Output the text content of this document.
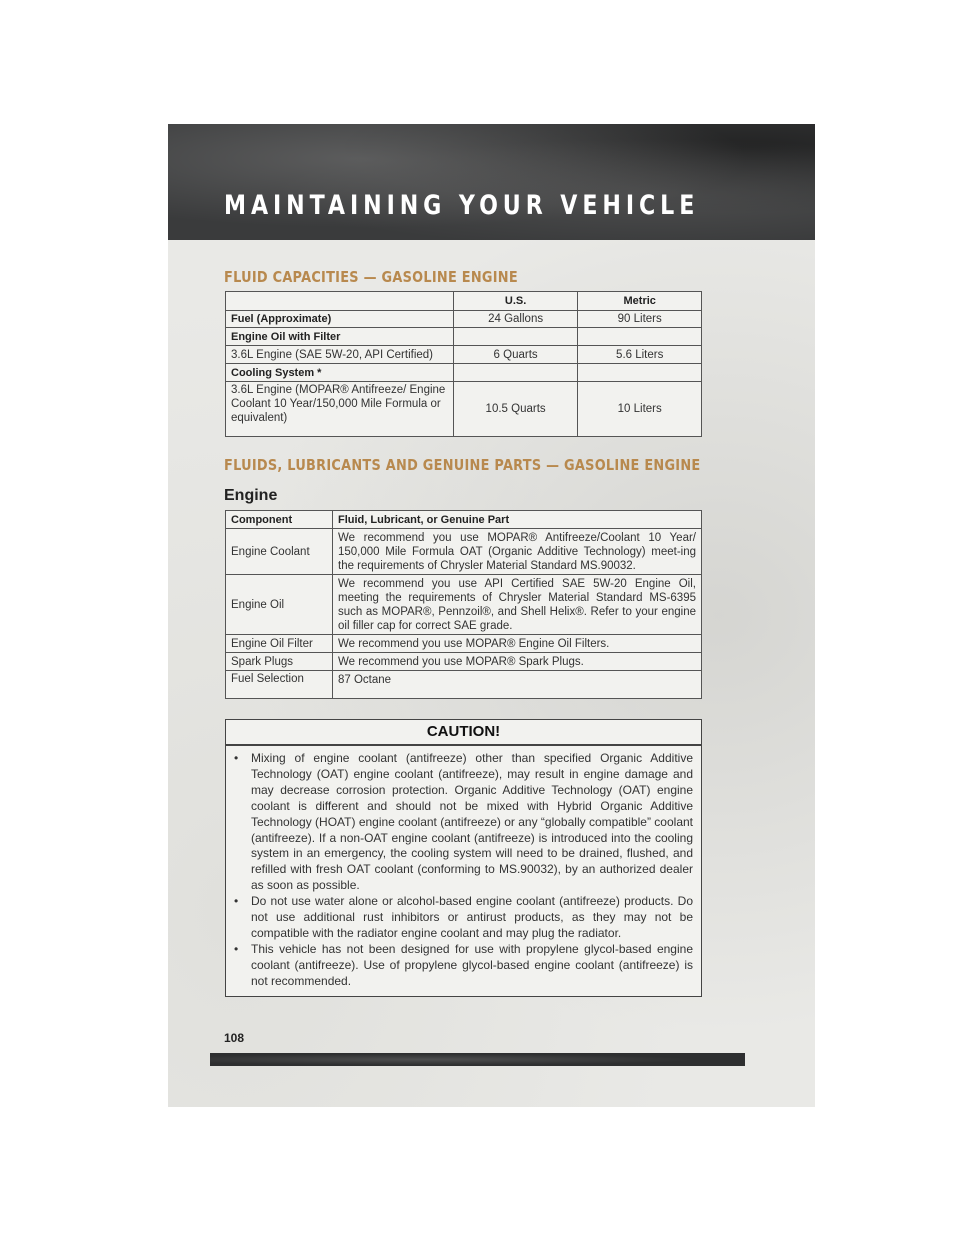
MAINTAINING YOUR VEHICLE
FLUID CAPACITIES — GASOLINE ENGINE
	U.S.	Metric
Fuel (Approximate)	24 Gallons	90 Liters
Engine Oil with Filter		
3.6L Engine (SAE 5W-20, API Certified)	6 Quarts	5.6 Liters
Cooling System *		
3.6L Engine (MOPAR® Antifreeze/ Engine Coolant 10 Year/150,000 Mile Formula or equivalent)	10.5 Quarts	10 Liters
FLUIDS, LUBRICANTS AND GENUINE PARTS — GASOLINE ENGINE
Engine
Component	Fluid, Lubricant, or Genuine Part
Engine Coolant	We recommend you use MOPAR® Antifreeze/Coolant 10 Year/ 150,000 Mile Formula OAT (Organic Additive Technology) meet-ing the requirements of Chrysler Material Standard MS.90032.
Engine Oil	We recommend you use API Certified SAE 5W-20 Engine Oil, meeting the requirements of Chrysler Material Standard MS-6395 such as MOPAR®, Pennzoil®, and Shell Helix®. Refer to your engine oil filler cap for correct SAE grade.
Engine Oil Filter	We recommend you use MOPAR® Engine Oil Filters.
Spark Plugs	We recommend you use MOPAR® Spark Plugs.
Fuel Selection	87 Octane
CAUTION!
• Mixing of engine coolant (antifreeze) other than specified Organic Additive Technology (OAT) engine coolant (antifreeze), may result in engine damage and may decrease corrosion protection. Organic Additive Technology (OAT) engine coolant is different and should not be mixed with Hybrid Organic Additive Technology (HOAT) engine coolant (antifreeze) or any “globally compatible” coolant (antifreeze). If a non-OAT engine coolant (antifreeze) is introduced into the cooling system in an emergency, the cooling system will need to be drained, flushed, and refilled with fresh OAT coolant (conforming to MS.90032), by an authorized dealer as soon as possible.
• Do not use water alone or alcohol-based engine coolant (antifreeze) products. Do not use additional rust inhibitors or antirust products, as they may not be compatible with the radiator engine coolant and may plug the radiator.
• This vehicle has not been designed for use with propylene glycol-based engine coolant (antifreeze). Use of propylene glycol-based engine coolant (antifreeze) is not recommended.
108
